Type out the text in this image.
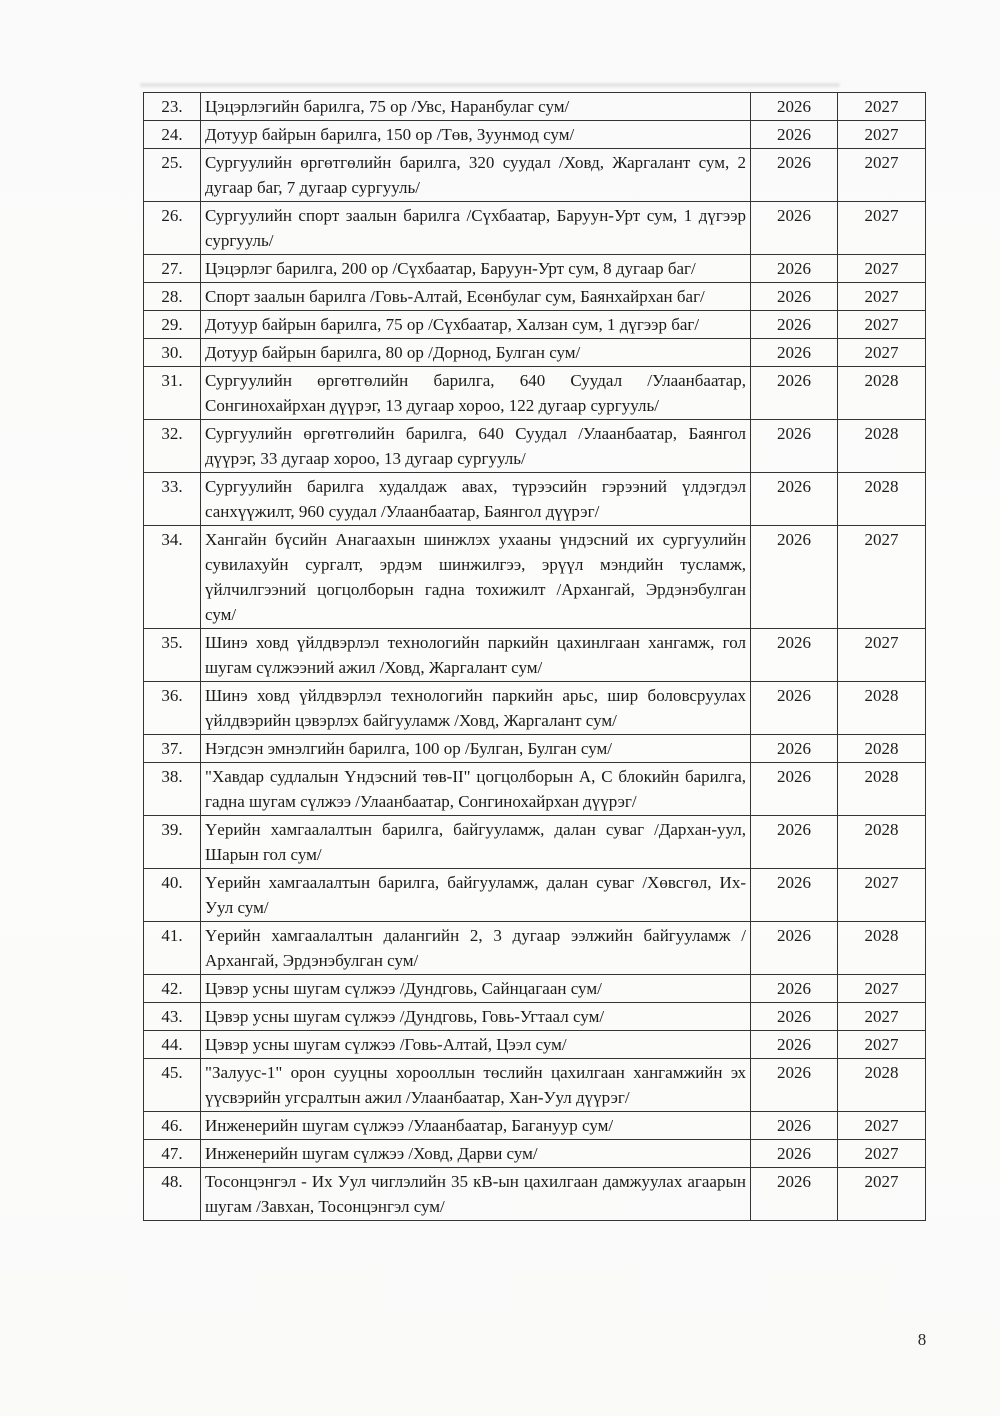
23.	Цэцэрлэгийн барилга, 75 ор /Увс, Наранбулаг сум/	2026	2027
24.	Дотуур байрын барилга, 150 ор /Төв, Зуунмод сум/	2026	2027
25.	Сургуулийн өргөтгөлийн барилга, 320 суудал /Ховд, Жаргалант сум, 2 дугаар баг, 7 дугаар сургууль/	2026	2027
26.	Сургуулийн спорт заалын барилга /Сүхбаатар, Баруун-Урт сум, 1 дүгээр сургууль/	2026	2027
27.	Цэцэрлэг барилга, 200 ор /Сүхбаатар, Баруун-Урт сум, 8 дугаар баг/	2026	2027
28.	Спорт заалын барилга /Говь-Алтай, Есөнбулаг сум, Баянхайрхан баг/	2026	2027
29.	Дотуур байрын барилга, 75 ор /Сүхбаатар, Халзан сум, 1 дүгээр баг/	2026	2027
30.	Дотуур байрын барилга, 80 ор /Дорнод, Булган сум/	2026	2027
31.	Сургуулийн өргөтгөлийн барилга, 640 Суудал /Улаанбаатар, Сонгинохайрхан дүүрэг, 13 дугаар хороо, 122 дугаар сургууль/	2026	2028
32.	Сургуулийн өргөтгөлийн барилга, 640 Суудал /Улаанбаатар, Баянгол дүүрэг, 33 дугаар хороо, 13 дугаар сургууль/	2026	2028
33.	Сургуулийн барилга худалдаж авах, түрээсийн гэрээний үлдэгдэл санхүүжилт, 960 суудал /Улаанбаатар, Баянгол дүүрэг/	2026	2028
34.	Хангайн бүсийн Анагаахын шинжлэх ухааны үндэсний их сургуулийн сувилахуйн сургалт, эрдэм шинжилгээ, эрүүл мэндийн тусламж, үйлчилгээний цогцолборын гадна тохижилт /Архангай, Эрдэнэбулган сум/	2026	2027
35.	Шинэ ховд үйлдвэрлэл технологийн паркийн цахинлгаан хангамж, гол шугам сүлжээний ажил /Ховд, Жаргалант сум/	2026	2027
36.	Шинэ ховд үйлдвэрлэл технологийн паркийн арьс, шир боловсруулах үйлдвэрийн цэвэрлэх байгууламж /Ховд, Жаргалант сум/	2026	2028
37.	Нэгдсэн эмнэлгийн барилга, 100 ор /Булган, Булган сум/	2026	2028
38.	"Хавдар судлалын Үндэсний төв-II" цогцолборын А, С блокийн барилга, гадна шугам сүлжээ /Улаанбаатар, Сонгинохайрхан дүүрэг/	2026	2028
39.	Үерийн хамгаалалтын барилга, байгууламж, далан суваг /Дархан-уул, Шарын гол сум/	2026	2028
40.	Үерийн хамгаалалтын барилга, байгууламж, далан суваг /Хөвсгөл, Их-Уул сум/	2026	2027
41.	Үерийн хамгаалалтын далангийн 2, 3 дугаар ээлжийн байгууламж /Архангай, Эрдэнэбулган сум/	2026	2028
42.	Цэвэр усны шугам сүлжээ /Дундговь, Сайнцагаан сум/	2026	2027
43.	Цэвэр усны шугам сүлжээ /Дундговь, Говь-Угтаал сум/	2026	2027
44.	Цэвэр усны шугам сүлжээ /Говь-Алтай, Цээл сум/	2026	2027
45.	"Залуус-1" орон сууцны хорооллын төслийн цахилгаан хангамжийн эх үүсвэрийн угсралтын ажил /Улаанбаатар, Хан-Уул дүүрэг/	2026	2028
46.	Инженерийн шугам сүлжээ /Улаанбаатар, Багануур сум/	2026	2027
47.	Инженерийн шугам сүлжээ /Ховд, Дарви сум/	2026	2027
48.	Тосонцэнгэл - Их Уул чиглэлийн 35 кВ-ын цахилгаан дамжуулах агаарын шугам /Завхан, Тосонцэнгэл сум/	2026	2027
8
